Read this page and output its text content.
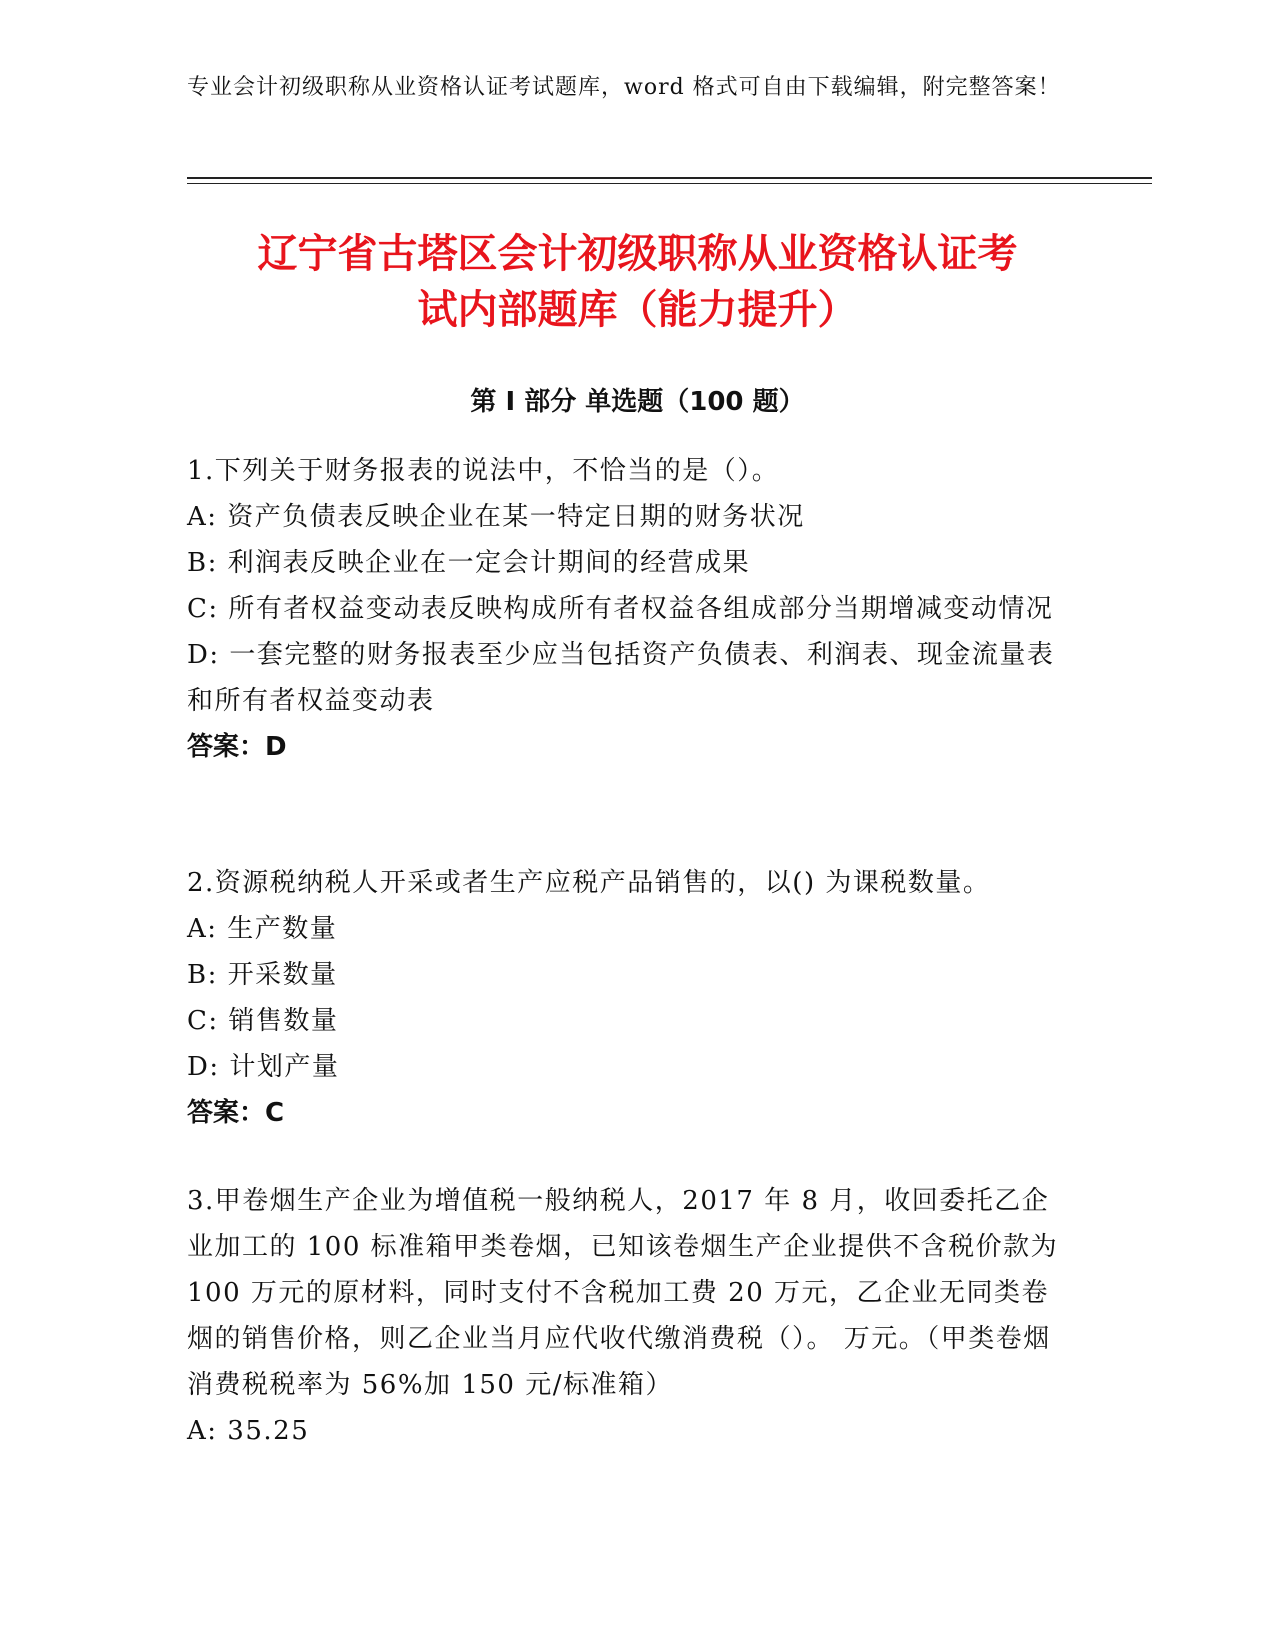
专业会计初级职称从业资格认证考试题库，word 格式可自由下载编辑，附完整答案！
辽宁省古塔区会计初级职称从业资格认证考
试内部题库（能力提升）
第 I 部分 单选题（100 题）
1.下列关于财务报表的说法中，不恰当的是（）。
A: 资产负债表反映企业在某一特定日期的财务状况
B: 利润表反映企业在一定会计期间的经营成果
C: 所有者权益变动表反映构成所有者权益各组成部分当期增减变动情况
D: 一套完整的财务报表至少应当包括资产负债表、利润表、现金流量表和所有者权益变动表
答案：D
2.资源税纳税人开采或者生产应税产品销售的，以() 为课税数量。
A: 生产数量
B: 开采数量
C: 销售数量
D: 计划产量
答案：C
3.甲卷烟生产企业为增值税一般纳税人，2017 年 8 月，收回委托乙企业加工的 100 标准箱甲类卷烟，已知该卷烟生产企业提供不含税价款为 100 万元的原材料，同时支付不含税加工费 20 万元，乙企业无同类卷烟的销售价格，则乙企业当月应代收代缴消费税（）。 万元。（甲类卷烟消费税税率为 56%加 150 元/标准箱）
A: 35.25
